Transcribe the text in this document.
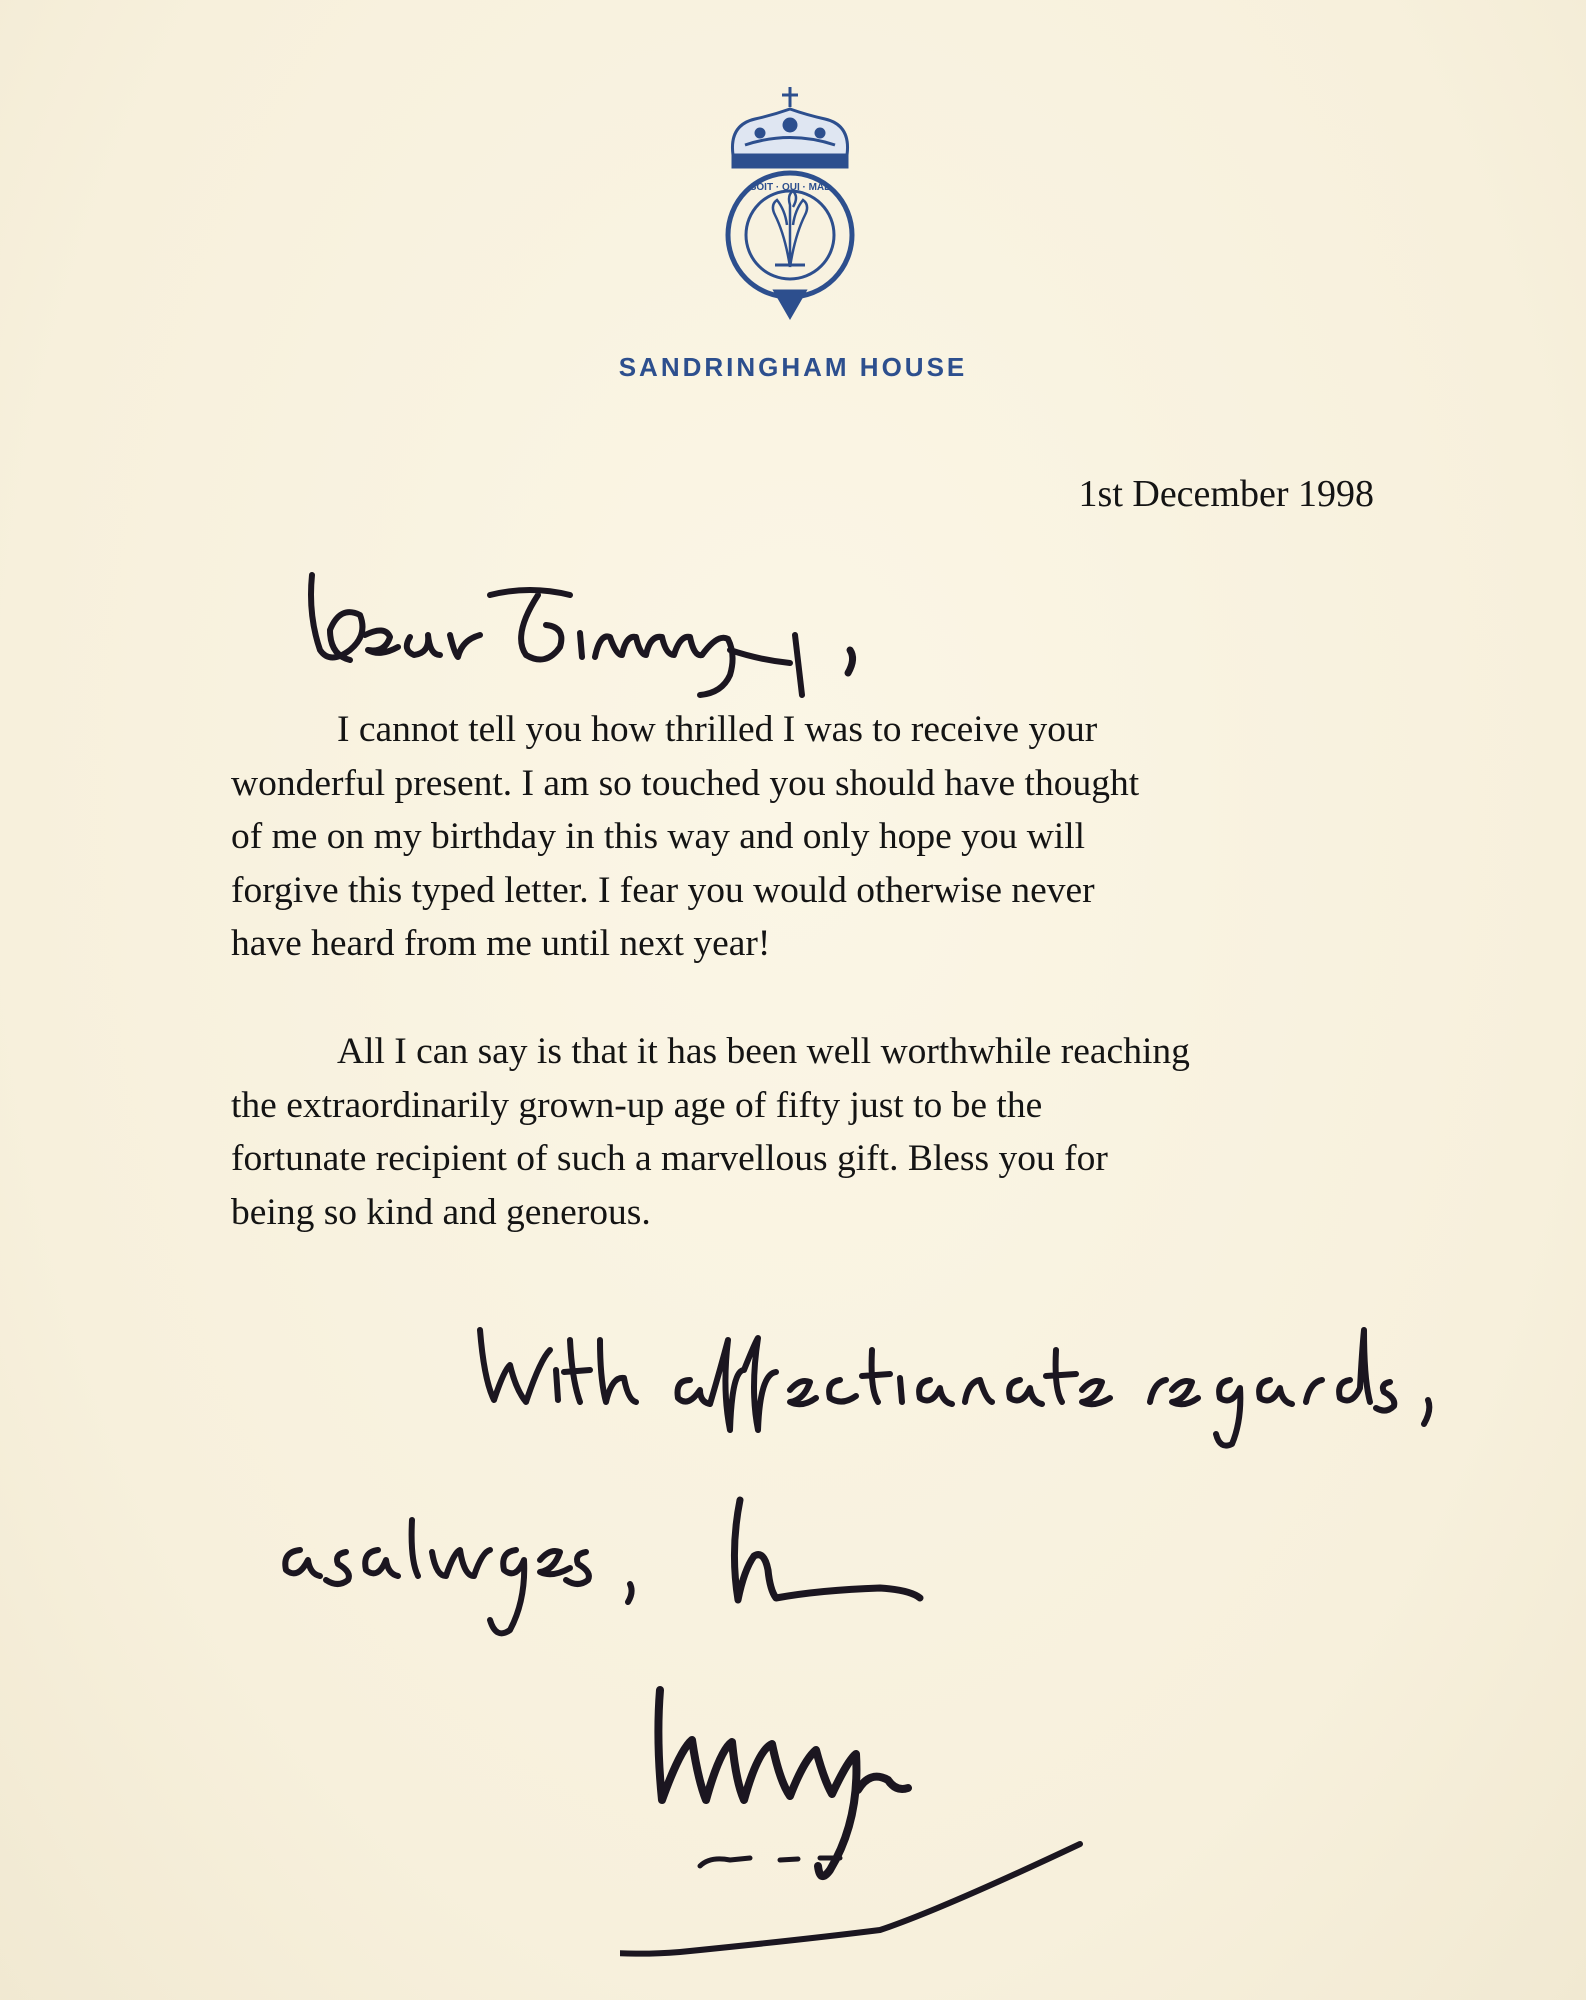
SOIT · QUI · MAL
SANDRINGHAM HOUSE
1st December 1998
I cannot tell you how thrilled I was to receive your
wonderful present. I am so touched you should have thought
of me on my birthday in this way and only hope you will
forgive this typed letter. I fear you would otherwise never
have heard from me until next year!
All I can say is that it has been well worthwhile reaching
the extraordinarily grown-up age of fifty just to be the
fortunate recipient of such a marvellous gift. Bless you for
being so kind and generous.
